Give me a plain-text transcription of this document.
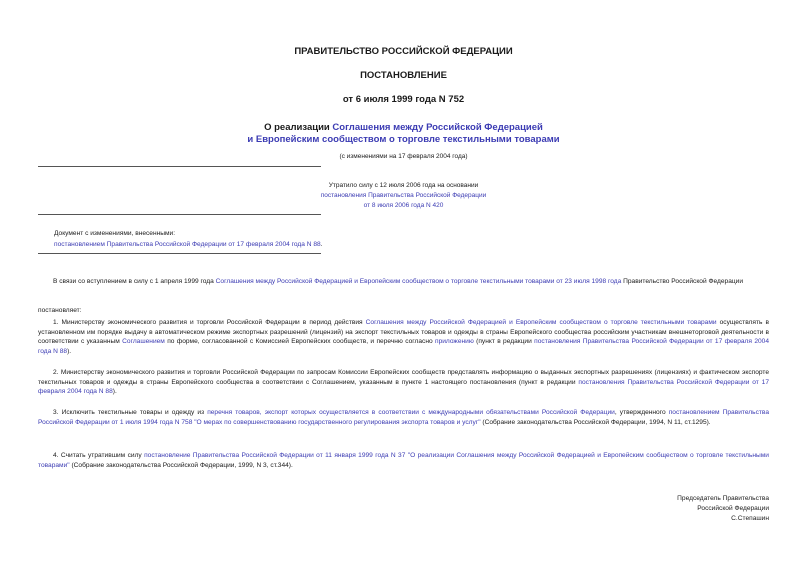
ПРАВИТЕЛЬСТВО РОССИЙСКОЙ ФЕДЕРАЦИИ
ПОСТАНОВЛЕНИЕ
от 6 июля 1999 года N 752
О реализации Соглашения между Российской Федерацией
и Европейским сообществом о торговле текстильными товарами
(с изменениями на 17 февраля 2004 года)
Утратило силу с 12 июля 2006 года на основании
постановления Правительства Российской Федерации
от 8 июля 2006 года N 420
Документ с изменениями, внесенными:
постановлением Правительства Российской Федерации от 17 февраля 2004 года N 88.
В связи со вступлением в силу с 1 апреля 1999 года Соглашения между Российской Федерацией и Европейским сообществом о торговле текстильными товарами от 23 июля 1998 года Правительство Российской Федерации
постановляет:
1. Министерству экономического развития и торговли Российской Федерации в период действия Соглашения между Российской Федерацией и Европейским сообществом о торговле текстильными товарами осуществлять в установленном им порядке выдачу в автоматическом режиме экспортных разрешений (лицензий) на экспорт текстильных товаров и одежды в страны Европейского сообщества российским участникам внешнеторговой деятельности в соответствии с указанным Соглашением по форме, согласованной с Комиссией Европейских сообществ, и перечню согласно приложению (пункт в редакции постановления Правительства Российской Федерации от 17 февраля 2004 года N 88).
2. Министерству экономического развития и торговли Российской Федерации по запросам Комиссии Европейских сообществ представлять информацию о выданных экспортных разрешениях (лицензиях) и фактическом экспорте текстильных товаров и одежды в страны Европейского сообщества в соответствии с Соглашением, указанным в пункте 1 настоящего постановления (пункт в редакции постановления Правительства Российской Федерации от 17 февраля 2004 года N 88).
3. Исключить текстильные товары и одежду из перечня товаров, экспорт которых осуществляется в соответствии с международными обязательствами Российской Федерации, утвержденного постановлением Правительства Российской Федерации от 1 июля 1994 года N 758 "О мерах по совершенствованию государственного регулирования экспорта товаров и услуг" (Собрание законодательства Российской Федерации, 1994, N 11, ст.1295).
4. Считать утратившим силу постановление Правительства Российской Федерации от 11 января 1999 года N 37 "О реализации Соглашения между Российской Федерацией и Европейским сообществом о торговле текстильными товарами" (Собрание законодательства Российской Федерации, 1999, N 3, ст.344).
Председатель Правительства
Российской Федерации
С.Степашин
